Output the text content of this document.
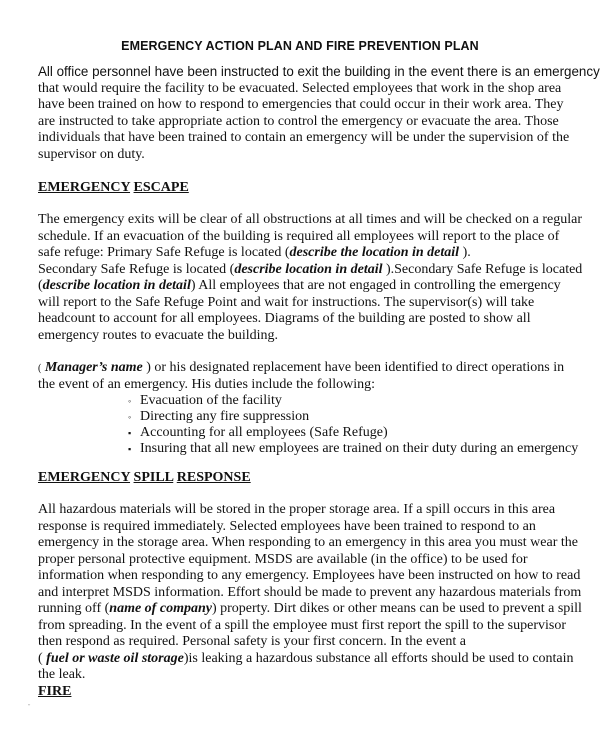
EMERGENCY ACTION PLAN AND FIRE PREVENTION PLAN
All office personnel have been instructed to exit the building in the event there is an emergency
that would require the facility to be evacuated. Selected employees that work in the shop area
have been trained on how to respond to emergencies that could occur in their work area. They
are instructed to take appropriate action to control the emergency or evacuate the area. Those
individuals that have been trained to contain an emergency will be under the supervision of the
supervisor on duty.
EMERGENCY ESCAPE
The emergency exits will be clear of all obstructions at all times and will be checked on a regular
schedule. If an evacuation of the building is required all employees will report to the place of
safe refuge: Primary Safe Refuge is located (describe the location in detail ).
Secondary Safe Refuge is located (describe location in detail ).Secondary Safe Refuge is located
(describe location in detail) All employees that are not engaged in controlling the emergency
will report to the Safe Refuge Point and wait for instructions. The supervisor(s) will take
headcount to account for all employees. Diagrams of the building are posted to show all
emergency routes to evacuate the building.
( Manager’s name ) or his designated replacement have been identified to direct operations in
the event of an emergency. His duties include the following:
◦ Evacuation of the facility
◦ Directing any fire suppression
▪ Accounting for all employees (Safe Refuge)
▪ Insuring that all new employees are trained on their duty during an emergency
EMERGENCY SPILL RESPONSE
All hazardous materials will be stored in the proper storage area. If a spill occurs in this area
response is required immediately. Selected employees have been trained to respond to an
emergency in the storage area. When responding to an emergency in this area you must wear the
proper personal protective equipment. MSDS are available (in the office) to be used for
information when responding to any emergency. Employees have been instructed on how to read
and interpret MSDS information. Effort should be made to prevent any hazardous materials from
running off (name of company) property. Dirt dikes or other means can be used to prevent a spill
from spreading. In the event of a spill the employee must first report the spill to the supervisor
then respond as required. Personal safety is your first concern. In the event a
( fuel or waste oil storage)is leaking a hazardous substance all efforts should be used to contain
the leak.
FIRE
"
